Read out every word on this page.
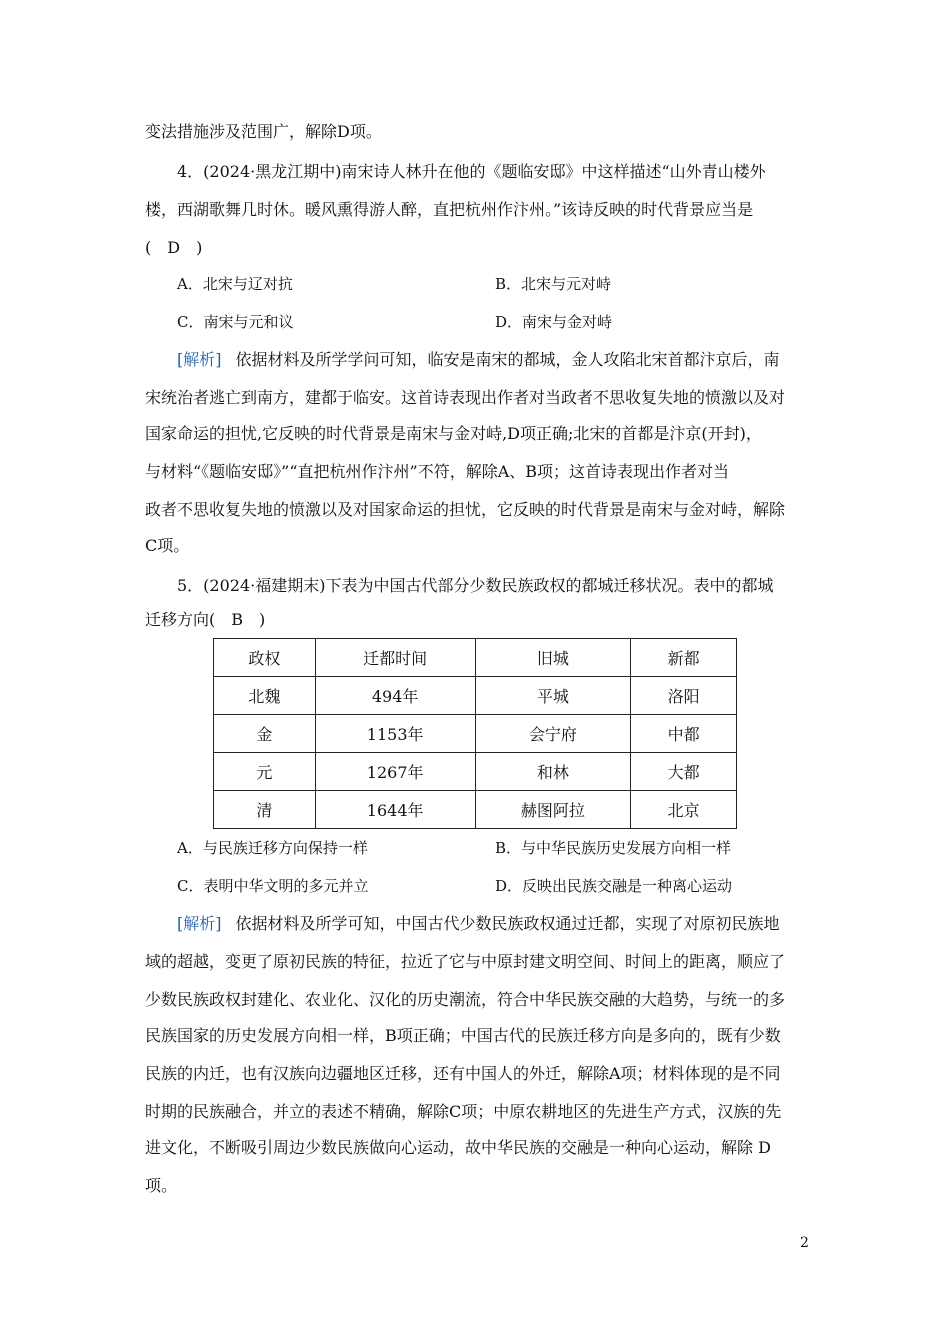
变法措施涉及范围广，解除D项。
4．(2024·黑龙江期中)南宋诗人林升在他的《题临安邸》中这样描述“山外青山楼外
楼，西湖歌舞几时休。暖风熏得游人醉，直把杭州作汴州。”该诗反映的时代背景应当是
(　D　)
A．北宋与辽对抗	B．北宋与元对峙
C．南宋与元和议	D．南宋与金对峙
[解析] 依据材料及所学学问可知，临安是南宋的都城，金人攻陷北宋首都汴京后，南
宋统治者逃亡到南方，建都于临安。这首诗表现出作者对当政者不思收复失地的愤激以及对
国家命运的担忧,它反映的时代背景是南宋与金对峙,D项正确;北宋的首都是汴京(开封)，
与材料“《题临安邸》”“直把杭州作汴州”不符，解除A、B项；这首诗表现出作者对当
政者不思收复失地的愤激以及对国家命运的担忧，它反映的时代背景是南宋与金对峙，解除
C项。
5．(2024·福建期末)下表为中国古代部分少数民族政权的都城迁移状况。表中的都城
迁移方向(　B　)
政权	迁都时间	旧城	新都
北魏	494年	平城	洛阳
金	1153年	会宁府	中都
元	1267年	和林	大都
清	1644年	赫图阿拉	北京
A．与民族迁移方向保持一样	B．与中华民族历史发展方向相一样
C．表明中华文明的多元并立	D．反映出民族交融是一种离心运动
[解析] 依据材料及所学可知，中国古代少数民族政权通过迁都，实现了对原初民族地
域的超越，变更了原初民族的特征，拉近了它与中原封建文明空间、时间上的距离，顺应了
少数民族政权封建化、农业化、汉化的历史潮流，符合中华民族交融的大趋势，与统一的多
民族国家的历史发展方向相一样，B项正确；中国古代的民族迁移方向是多向的，既有少数
民族的内迁，也有汉族向边疆地区迁移，还有中国人的外迁，解除A项；材料体现的是不同
时期的民族融合，并立的表述不精确，解除C项；中原农耕地区的先进生产方式，汉族的先
进文化，不断吸引周边少数民族做向心运动，故中华民族的交融是一种向心运动，解除 D
项。
2
